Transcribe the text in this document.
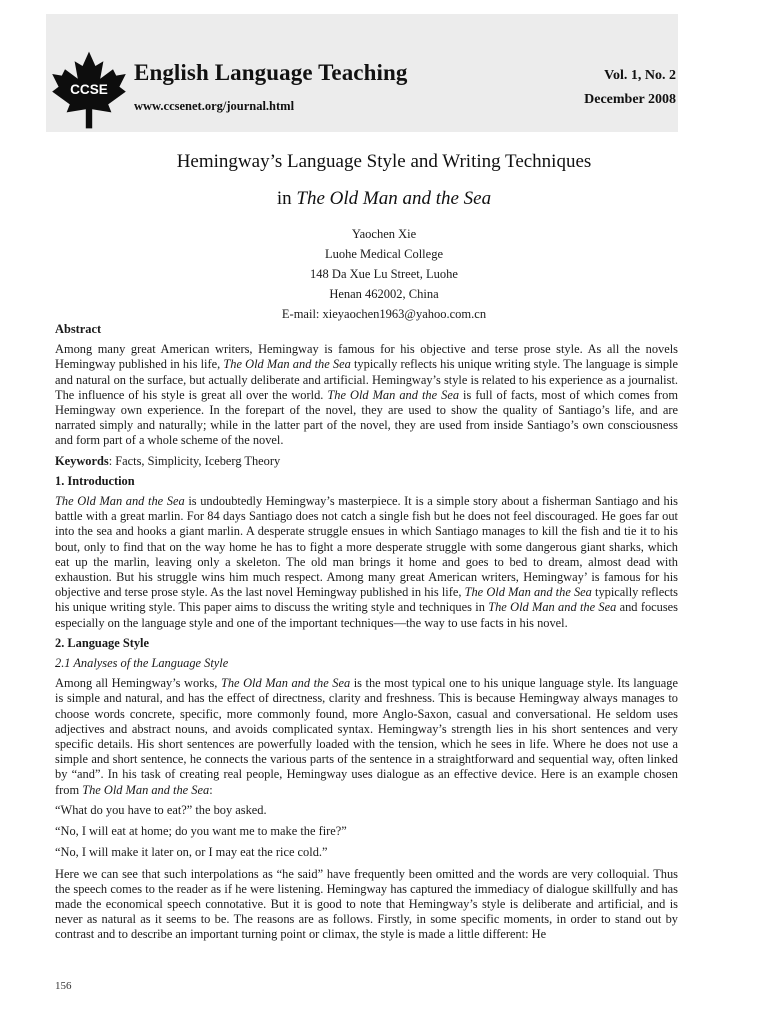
CCSE
English Language Teaching
www.ccsenet.org/journal.html
Vol. 1, No. 2
December 2008
Hemingway’s Language Style and Writing Techniques
in The Old Man and the Sea
Yaochen Xie
Luohe Medical College
148 Da Xue Lu Street, Luohe
Henan 462002, China
E-mail: xieyaochen1963@yahoo.com.cn
Abstract

Among many great American writers, Hemingway is famous for his objective and terse prose style. As all the novels Hemingway published in his life, The Old Man and the Sea typically reflects his unique writing style. The language is simple and natural on the surface, but actually deliberate and artificial. Hemingway’s style is related to his experience as a journalist. The influence of his style is great all over the world. The Old Man and the Sea is full of facts, most of which comes from Hemingway own experience. In the forepart of the novel, they are used to show the quality of Santiago’s life, and are narrated simply and naturally; while in the latter part of the novel, they are used from inside Santiago’s own consciousness and form part of a whole scheme of the novel.

Keywords: Facts, Simplicity, Iceberg Theory

1. Introduction

The Old Man and the Sea is undoubtedly Hemingway’s masterpiece. It is a simple story about a fisherman Santiago and his battle with a great marlin. For 84 days Santiago does not catch a single fish but he does not feel discouraged. He goes far out into the sea and hooks a giant marlin. A desperate struggle ensues in which Santiago manages to kill the fish and tie it to his bout, only to find that on the way home he has to fight a more desperate struggle with some dangerous giant sharks, which eat up the marlin, leaving only a skeleton. The old man brings it home and goes to bed to dream, almost dead with exhaustion. But his struggle wins him much respect. Among many great American writers, Hemingway’ is famous for his objective and terse prose style. As the last novel Hemingway published in his life, The Old Man and the Sea typically reflects his unique writing style. This paper aims to discuss the writing style and techniques in The Old Man and the Sea and focuses especially on the language style and one of the important techniques—the way to use facts in his novel.

2. Language Style
2.1 Analyses of the Language Style

Among all Hemingway’s works, The Old Man and the Sea is the most typical one to his unique language style. Its language is simple and natural, and has the effect of directness, clarity and freshness. This is because Hemingway always manages to choose words concrete, specific, more commonly found, more Anglo-Saxon, casual and conversational. He seldom uses adjectives and abstract nouns, and avoids complicated syntax. Hemingway’s strength lies in his short sentences and very specific details. His short sentences are powerfully loaded with the tension, which he sees in life. Where he does not use a simple and short sentence, he connects the various parts of the sentence in a straightforward and sequential way, often linked by “and”. In his task of creating real people, Hemingway uses dialogue as an effective device. Here is an example chosen from The Old Man and the Sea:

“What do you have to eat?” the boy asked.

“No, I will eat at home; do you want me to make the fire?”

“No, I will make it later on, or I may eat the rice cold.”

Here we can see that such interpolations as “he said” have frequently been omitted and the words are very colloquial. Thus the speech comes to the reader as if he were listening. Hemingway has captured the immediacy of dialogue skillfully and has made the economical speech connotative. But it is good to note that Hemingway’s style is deliberate and artificial, and is never as natural as it seems to be. The reasons are as follows. Firstly, in some specific moments, in order to stand out by contrast and to describe an important turning point or climax, the style is made a little different: He

156
